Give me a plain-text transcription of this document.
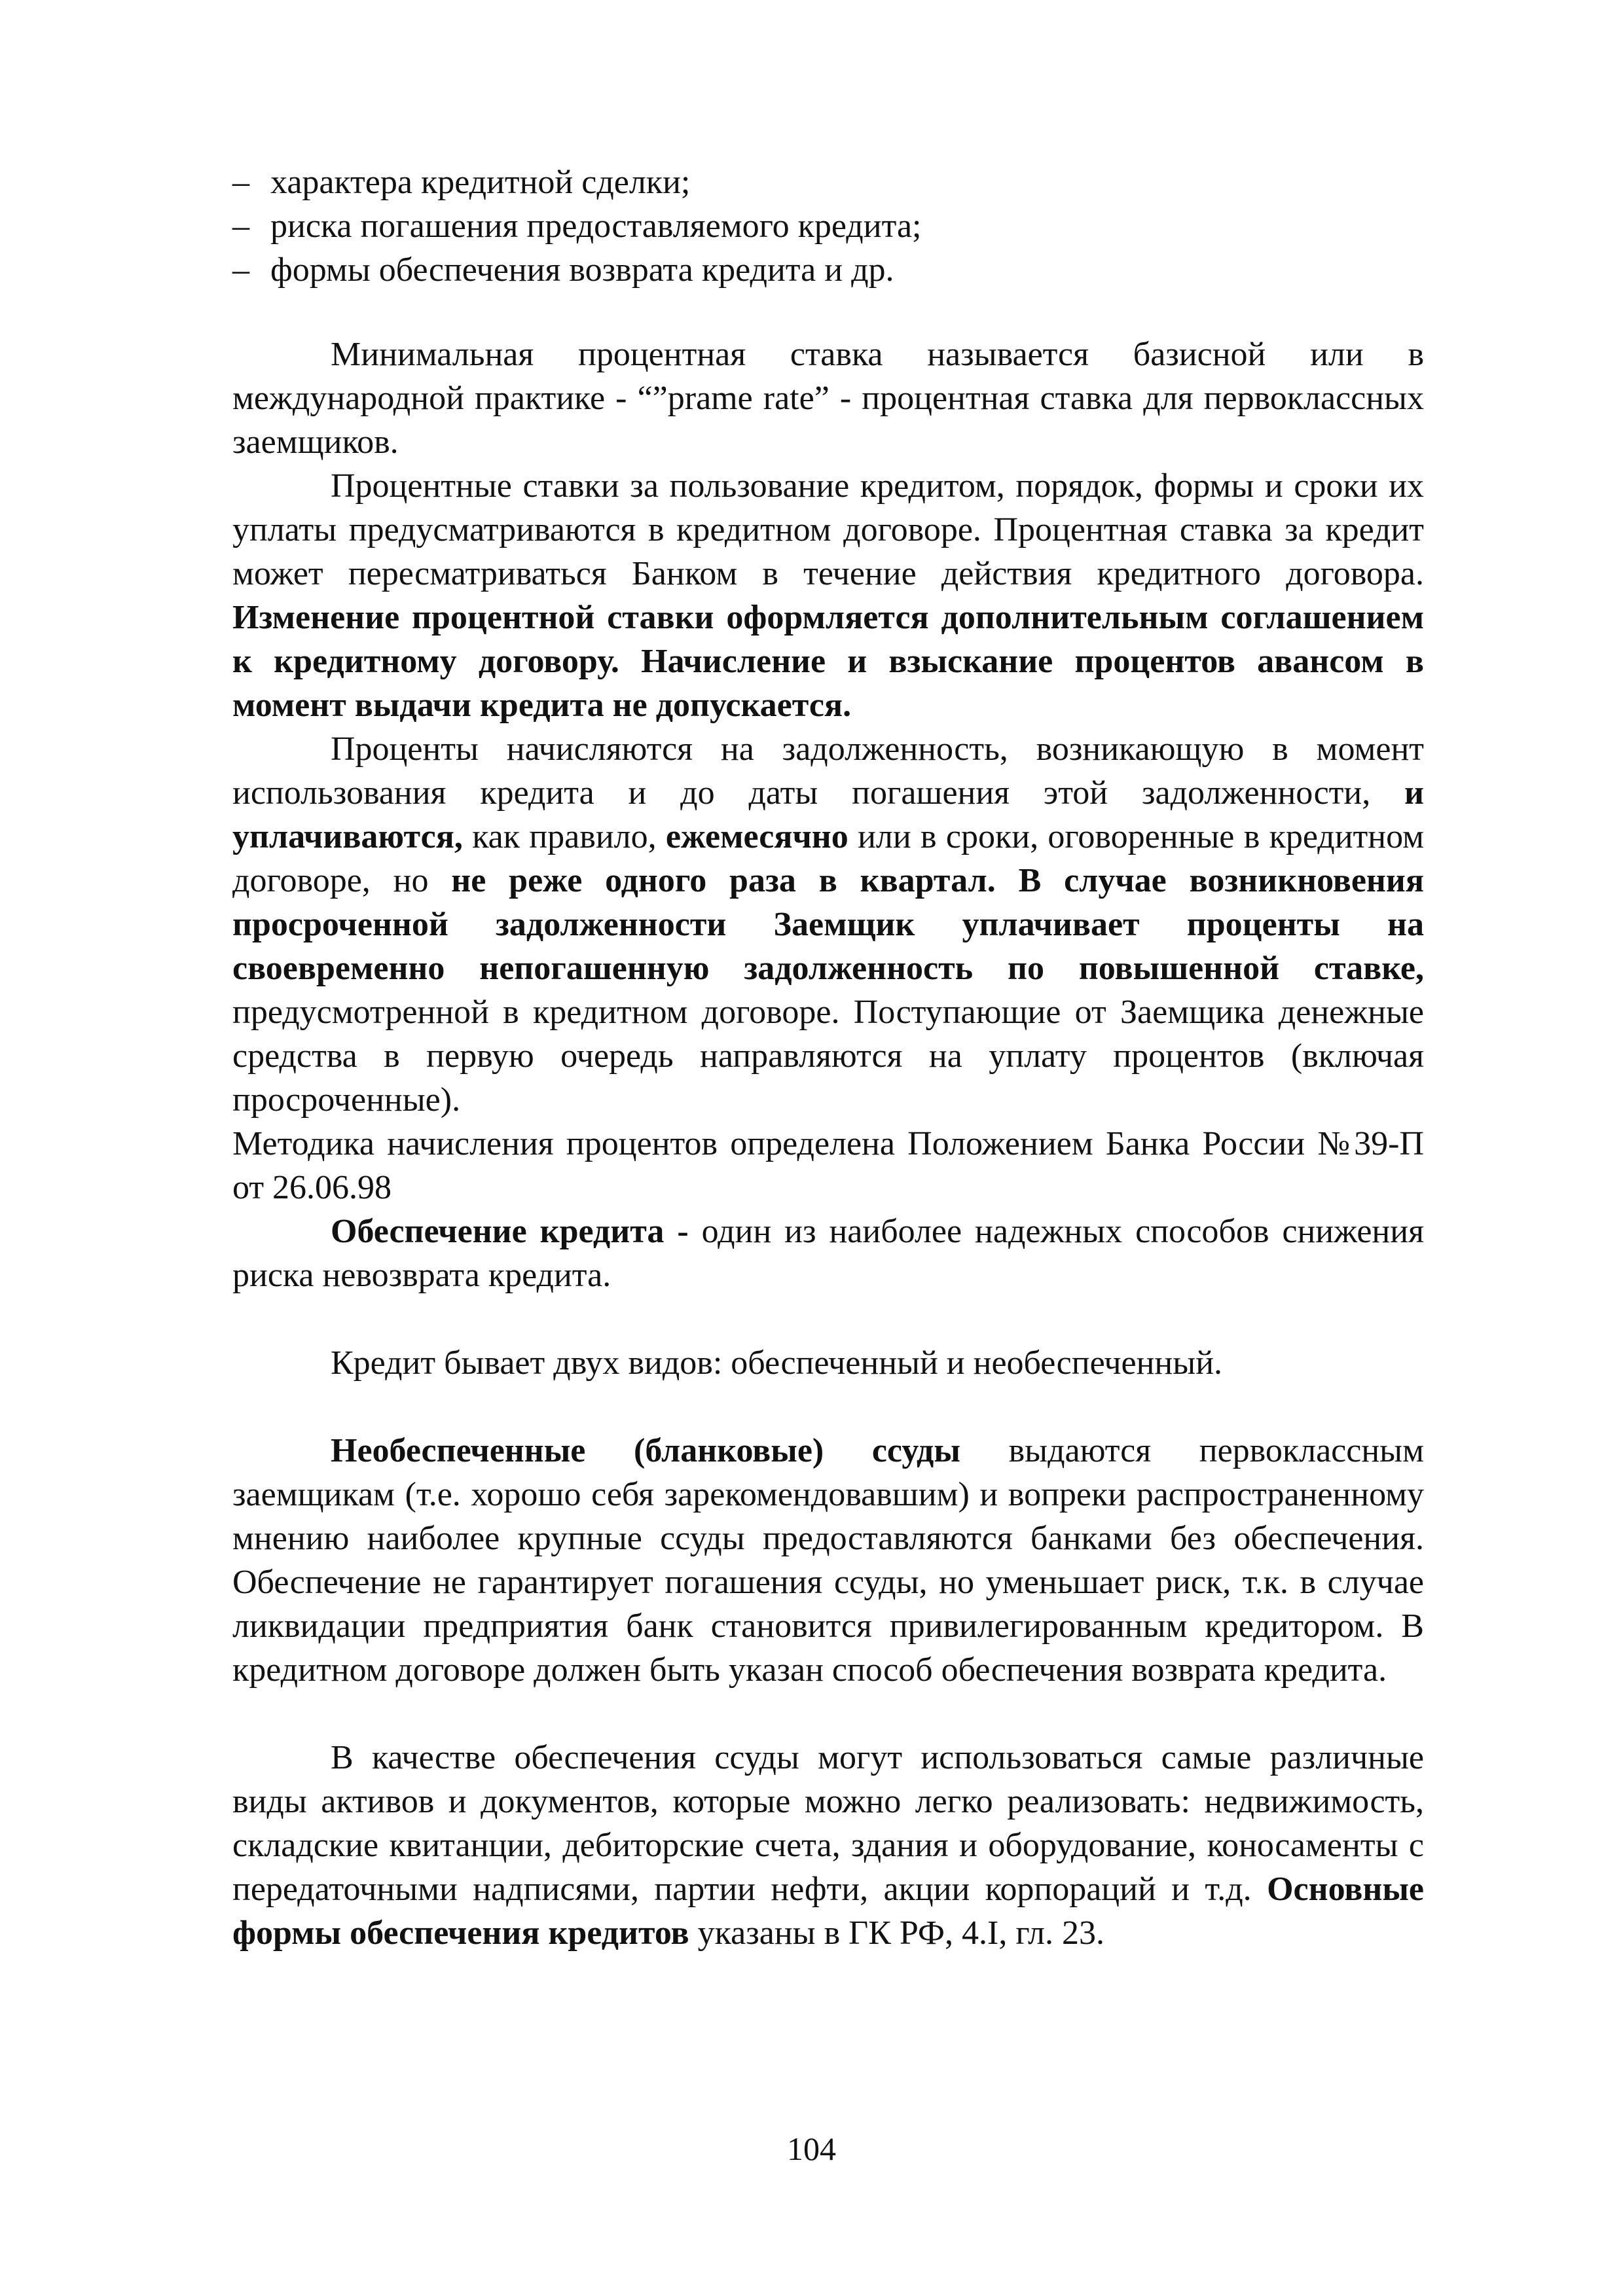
– характера кредитной сделки;
– риска погашения предоставляемого кредита;
– формы обеспечения возврата кредита и др.

Минимальная процентная ставка называется базисной или в международной практике - “”prame rate” - процентная ставка для первоклассных заемщиков.

Процентные ставки за пользование кредитом, порядок, формы и сроки их уплаты предусматриваются в кредитном договоре. Процентная ставка за кредит может пересматриваться Банком в течение действия кредитного договора. Изменение процентной ставки оформляется дополнительным соглашением к кредитному договору. Начисление и взыскание процентов авансом в момент выдачи кредита не допускается.

Проценты начисляются на задолженность, возникающую в момент использования кредита и до даты погашения этой задолженности, и уплачиваются, как правило, ежемесячно или в сроки, оговоренные в кредитном договоре, но не реже одного раза в квартал. В случае возникновения просроченной задолженности Заемщик уплачивает проценты на своевременно непогашенную задолженность по повышенной ставке, предусмотренной в кредитном договоре. Поступающие от Заемщика денежные средства в первую очередь направляются на уплату процентов (включая просроченные).

Методика начисления процентов определена Положением Банка России №39-П от 26.06.98

Обеспечение кредита - один из наиболее надежных способов снижения риска невозврата кредита.

Кредит бывает двух видов: обеспеченный и необеспеченный.

Необеспеченные (бланковые) ссуды выдаются первоклассным заемщикам (т.е. хорошо себя зарекомендовавшим) и вопреки распространенному мнению наиболее крупные ссуды предоставляются банками без обеспечения. Обеспечение не гарантирует погашения ссуды, но уменьшает риск, т.к. в случае ликвидации предприятия банк становится привилегированным кредитором. В кредитном договоре должен быть указан способ обеспечения возврата кредита.

В качестве обеспечения ссуды могут использоваться самые различные виды активов и документов, которые можно легко реализовать: недвижимость, складские квитанции, дебиторские счета, здания и оборудование, коносаменты с передаточными надписями, партии нефти, акции корпораций и т.д. Основные формы обеспечения кредитов указаны в ГК РФ, 4.I, гл. 23.

104
